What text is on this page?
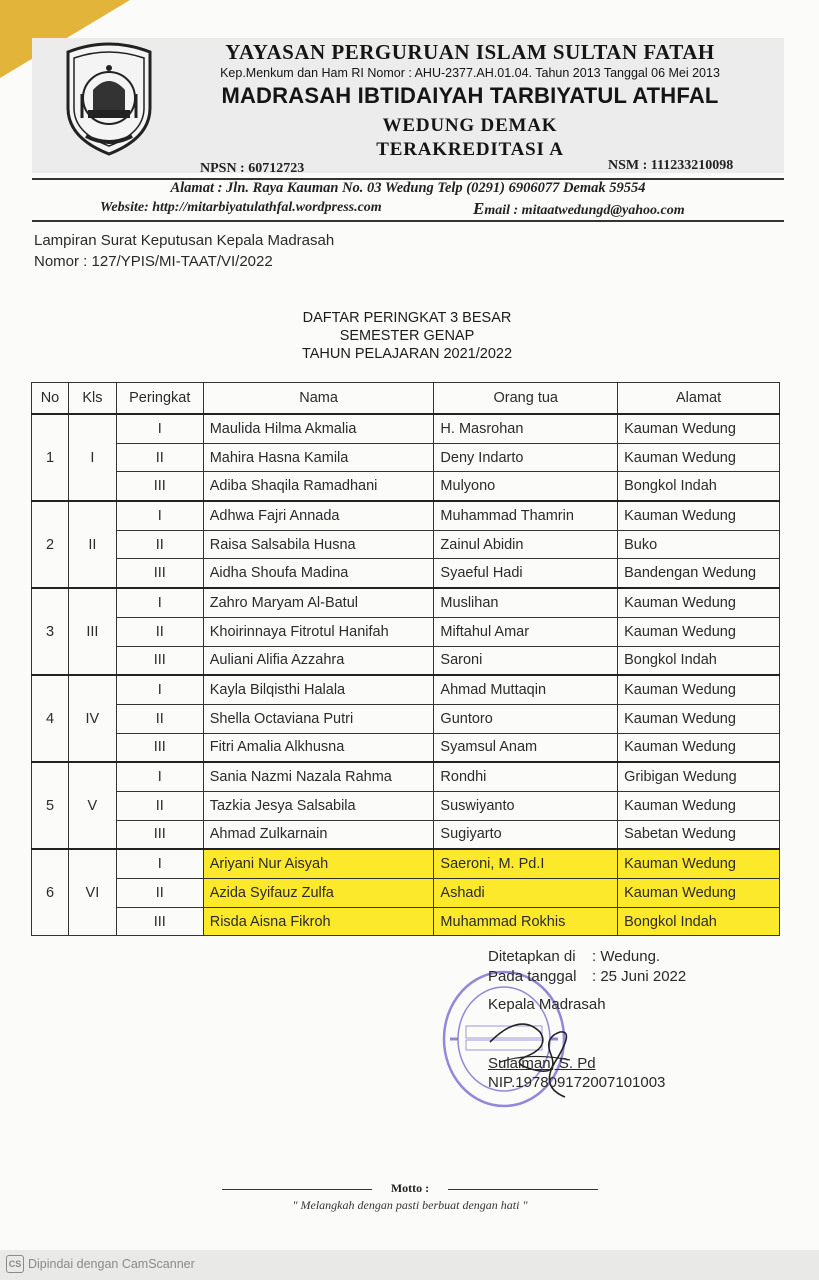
YAYASAN PERGURUAN ISLAM SULTAN FATAH
Kep.Menkum dan Ham RI Nomor : AHU-2377.AH.01.04. Tahun 2013 Tanggal 06 Mei 2013
MADRASAH IBTIDAIYAH TARBIYATUL ATHFAL
WEDUNG DEMAK
TERAKREDITASI A
NPSN : 60712723	NSM : 111233210098
Alamat : Jln. Raya Kauman No. 03 Wedung Telp (0291) 6906077 Demak 59554
Website: http://mitarbiyatulathfal.wordpress.com	Email : mitaatwedungd@yahoo.com
Lampiran Surat Keputusan Kepala Madrasah
Nomor : 127/YPIS/MI-TAAT/VI/2022
DAFTAR PERINGKAT 3 BESAR
SEMESTER GENAP
TAHUN PELAJARAN 2021/2022
No	Kls	Peringkat	Nama	Orang tua	Alamat
1	I	I	Maulida Hilma Akmalia	H. Masrohan	Kauman Wedung
		II	Mahira Hasna Kamila	Deny Indarto	Kauman Wedung
		III	Adiba Shaqila Ramadhani	Mulyono	Bongkol Indah
2	II	I	Adhwa Fajri Annada	Muhammad Thamrin	Kauman Wedung
		II	Raisa Salsabila Husna	Zainul Abidin	Buko
		III	Aidha Shoufa Madina	Syaeful Hadi	Bandengan Wedung
3	III	I	Zahro Maryam Al-Batul	Muslihan	Kauman Wedung
		II	Khoirinnaya Fitrotul Hanifah	Miftahul Amar	Kauman Wedung
		III	Auliani Alifia Azzahra	Saroni	Bongkol Indah
4	IV	I	Kayla Bilqisthi Halala	Ahmad Muttaqin	Kauman Wedung
		II	Shella Octaviana Putri	Guntoro	Kauman Wedung
		III	Fitri Amalia Alkhusna	Syamsul Anam	Kauman Wedung
5	V	I	Sania Nazmi Nazala Rahma	Rondhi	Gribigan Wedung
		II	Tazkia Jesya Salsabila	Suswiyanto	Kauman Wedung
		III	Ahmad Zulkarnain	Sugiyarto	Sabetan Wedung
6	VI	I	Ariyani Nur Aisyah	Saeroni, M. Pd.I	Kauman Wedung
		II	Azida Syifauz Zulfa	Ashadi	Kauman Wedung
		III	Risda Aisna Fikroh	Muhammad Rokhis	Bongkol Indah
Ditetapkan di : Wedung.
Pada tanggal : 25 Juni 2022
Kepala Madrasah
Sulaiman, S. Pd
NIP.197809172007101003
Motto :
" Melangkah dengan pasti berbuat dengan hati "
CS Dipindai dengan CamScanner
